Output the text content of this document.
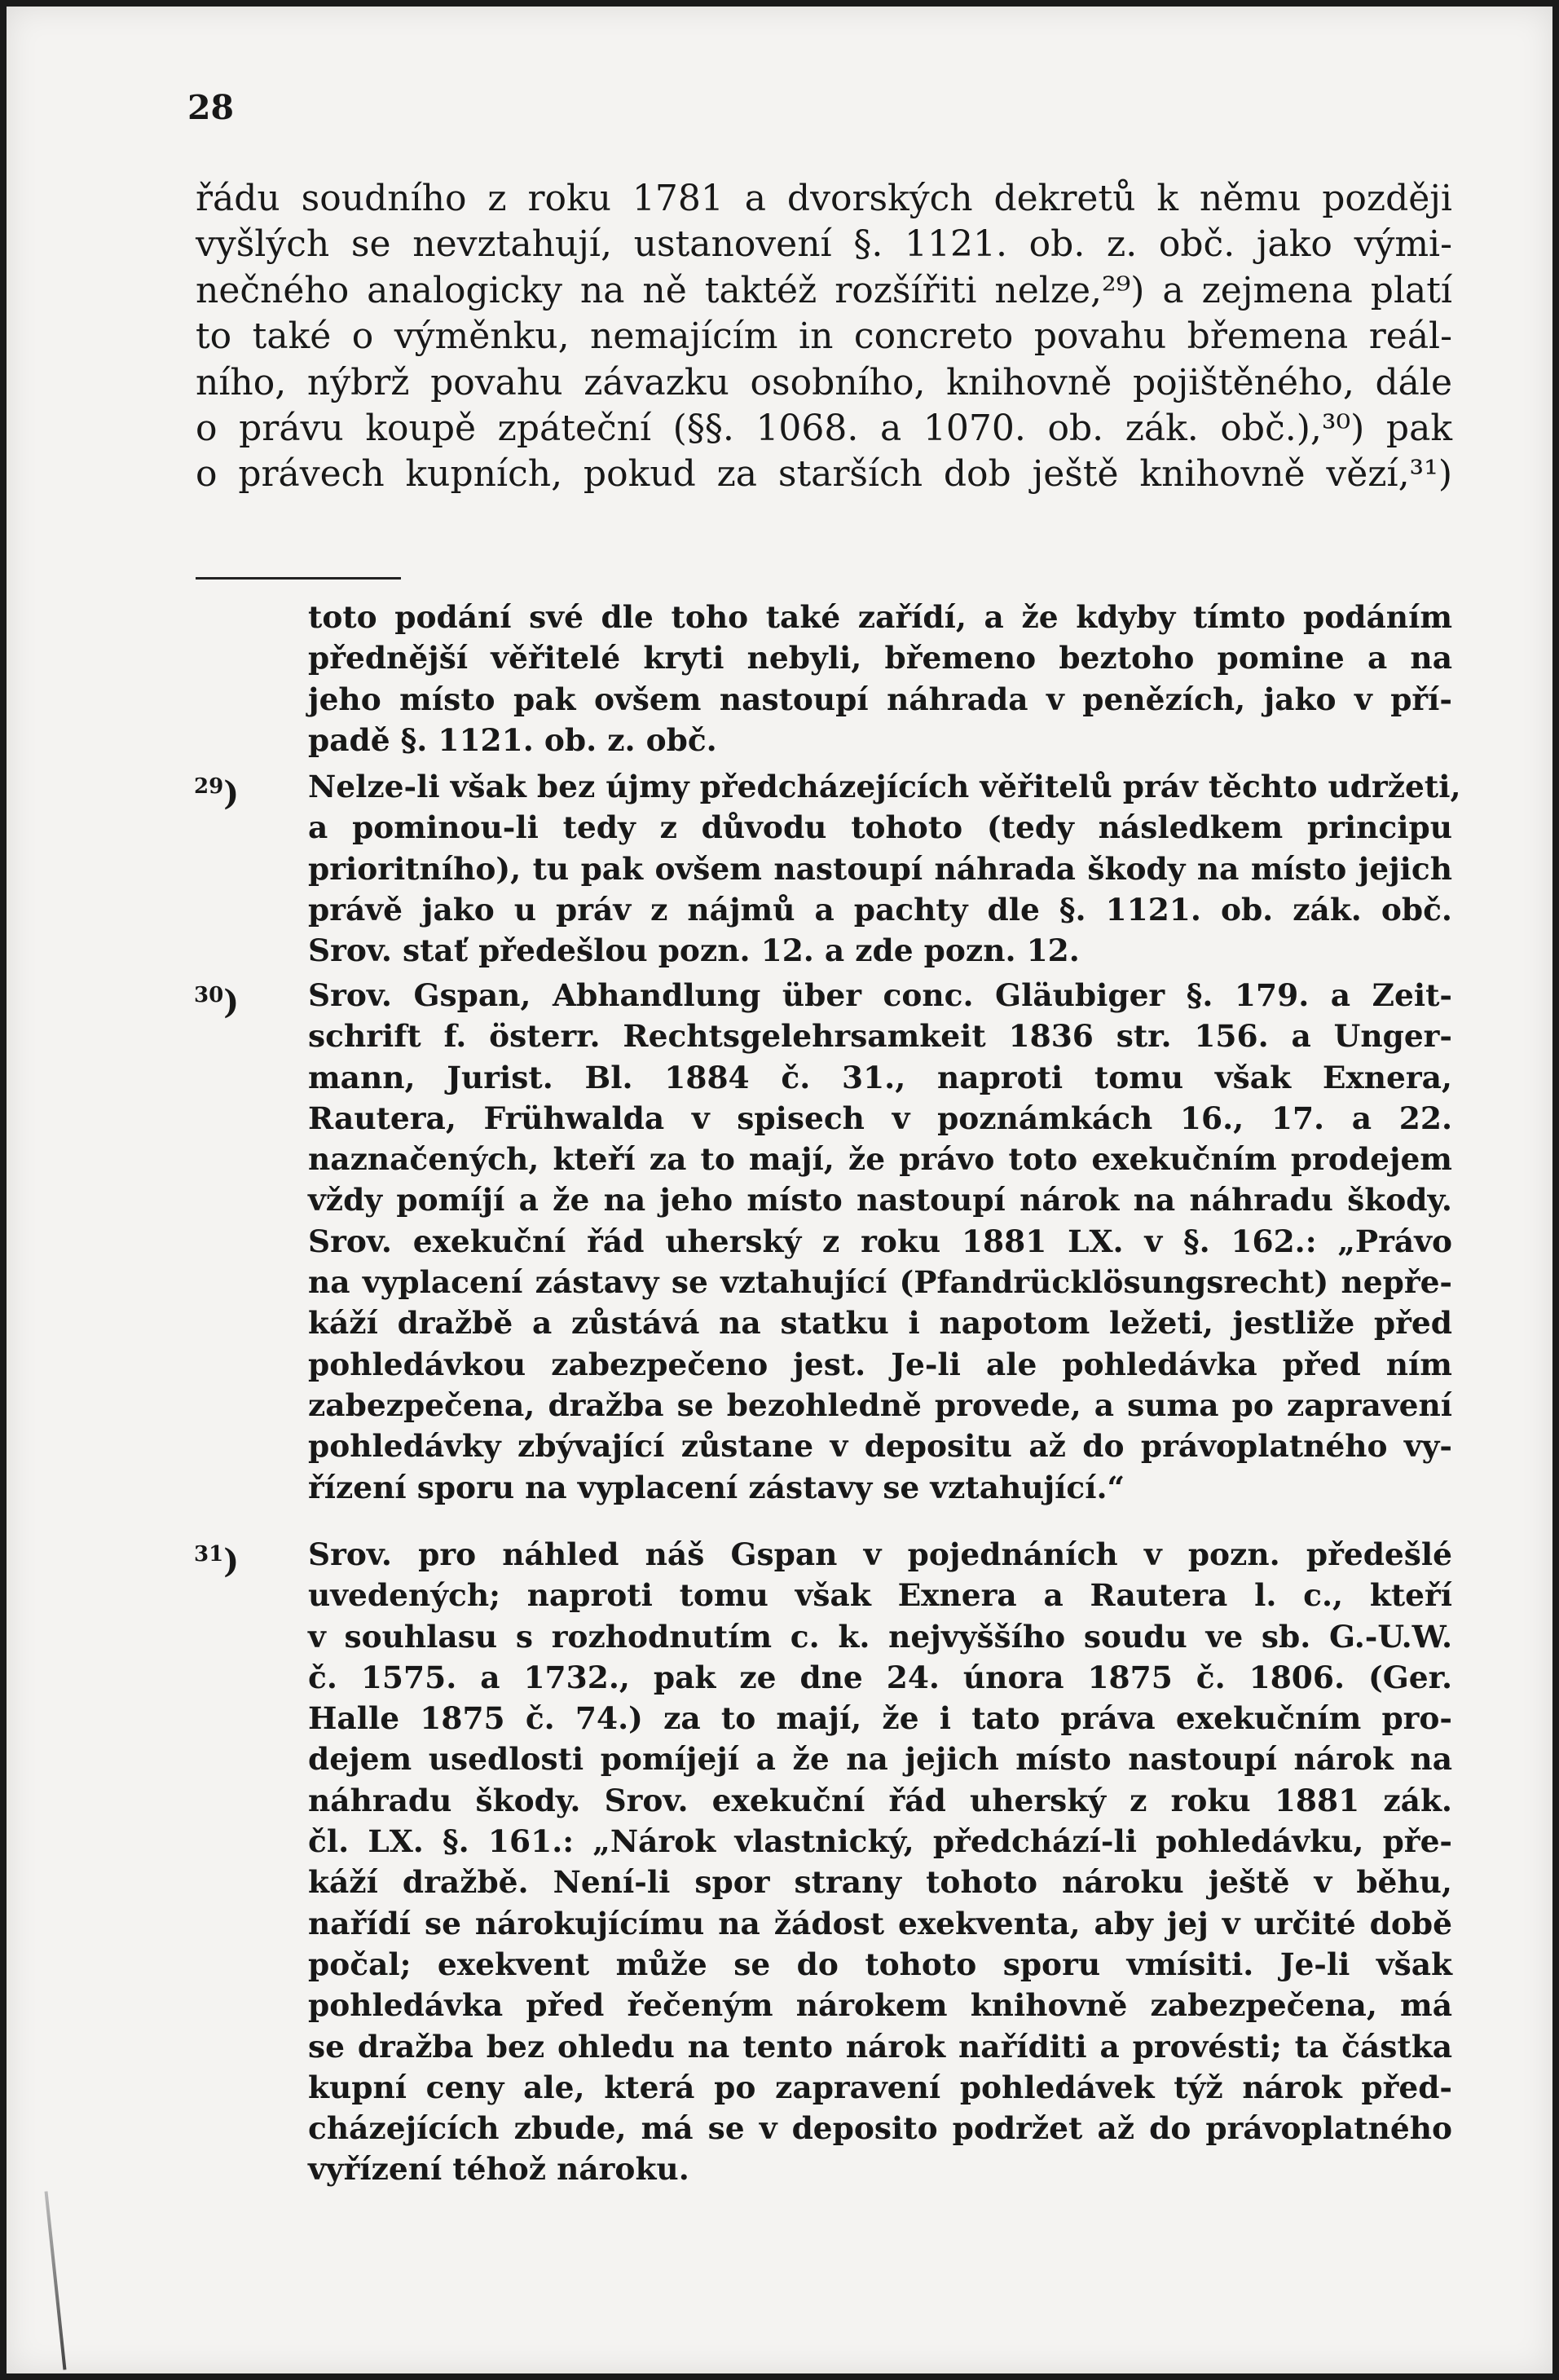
28
řádu soudního z roku 1781 a dvorských dekretů k němu později
vyšlých se nevztahují, ustanovení §. 1121. ob. z. obč. jako vými-
nečného analogicky na ně taktéž rozšířiti nelze,²⁹) a zejmena platí
to také o výměnku, nemajícím in concreto povahu břemena reál-
ního, nýbrž povahu závazku osobního, knihovně pojištěného, dále
o právu koupě zpáteční (§§. 1068. a 1070. ob. zák. obč.),³⁰) pak
o právech kupních, pokud za starších dob ještě knihovně vězí,³¹)
toto podání své dle toho také zařídí, a že kdyby tímto podáním
přednější věřitelé kryti nebyli, břemeno beztoho pomine a na
jeho místo pak ovšem nastoupí náhrada v penězích, jako v pří-
padě §. 1121. ob. z. obč.
$^{29}$) Nelze-li však bez újmy předcházejících věřitelů práv těchto udržeti,
a pominou-li tedy z důvodu tohoto (tedy následkem principu
prioritního), tu pak ovšem nastoupí náhrada škody na místo jejich
právě jako u práv z nájmů a pachty dle §. 1121. ob. zák. obč.
Srov. stať předešlou pozn. 12. a zde pozn. 12.
$^{30}$) Srov. Gspan, Abhandlung über conc. Gläubiger §. 179. a Zeit-
schrift f. österr. Rechtsgelehrsamkeit 1836 str. 156. a Unger-
mann, Jurist. Bl. 1884 č. 31., naproti tomu však Exnera,
Rautera, Frühwalda v spisech v poznámkách 16., 17. a 22.
naznačených, kteří za to mají, že právo toto exekučním prodejem
vždy pomíjí a že na jeho místo nastoupí nárok na náhradu škody.
Srov. exekuční řád uherský z roku 1881 LX. v §. 162.: „Právo
na vyplacení zástavy se vztahující (Pfandrücklösungsrecht) nepře-
káží dražbě a zůstává na statku i napotom ležeti, jestliže před
pohledávkou zabezpečeno jest. Je-li ale pohledávka před ním
zabezpečena, dražba se bezohledně provede, a suma po zapravení
pohledávky zbývající zůstane v depositu až do právoplatného vy-
řízení sporu na vyplacení zástavy se vztahující.“
$^{31}$) Srov. pro náhled náš Gspan v pojednáních v pozn. předešlé
uvedených; naproti tomu však Exnera a Rautera l. c., kteří
v souhlasu s rozhodnutím c. k. nejvyššího soudu ve sb. G.-U.W.
č. 1575. a 1732., pak ze dne 24. února 1875 č. 1806. (Ger.
Halle 1875 č. 74.) za to mají, že i tato práva exekučním pro-
dejem usedlosti pomíjejí a že na jejich místo nastoupí nárok na
náhradu škody. Srov. exekuční řád uherský z roku 1881 zák.
čl. LX. §. 161.: „Nárok vlastnický, předchází-li pohledávku, pře-
káží dražbě. Není-li spor strany tohoto nároku ještě v běhu,
nařídí se nárokujícímu na žádost exekventa, aby jej v určité době
počal; exekvent může se do tohoto sporu vmísiti. Je-li však
pohledávka před řečeným nárokem knihovně zabezpečena, má
se dražba bez ohledu na tento nárok naříditi a provésti; ta částka
kupní ceny ale, která po zapravení pohledávek týž nárok před-
cházejících zbude, má se v deposito podržet až do právoplatného
vyřízení téhož nároku.
